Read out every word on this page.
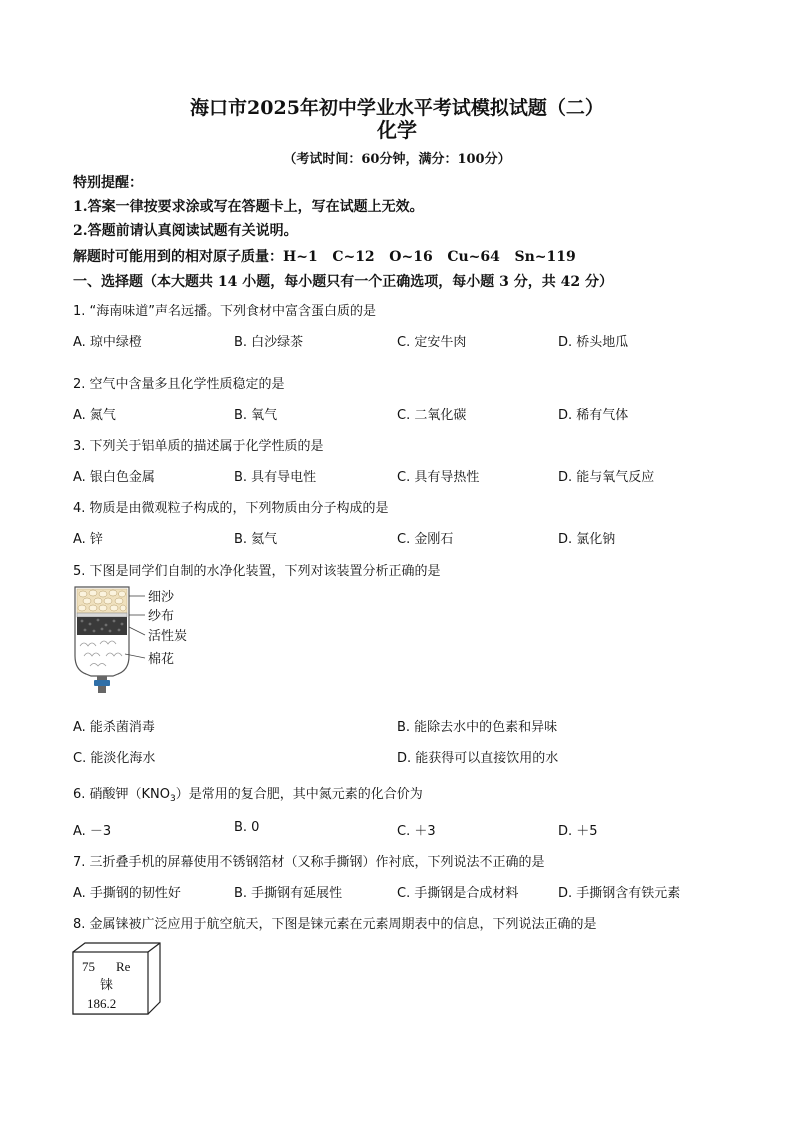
海口市2025年初中学业水平考试模拟试题（二）
化学
（考试时间：60分钟，满分：100分）
特别提醒：
1.答案一律按要求涂或写在答题卡上，写在试题上无效。
2.答题前请认真阅读试题有关说明。
解题时可能用到的相对原子质量：H~1   C~12   O~16   Cu~64   Sn~119
一、选择题（本大题共 14 小题，每小题只有一个正确选项，每小题 3 分，共 42 分）
1. “海南味道”声名远播。下列食材中富含蛋白质的是
A. 琼中绿橙	B. 白沙绿茶	C. 定安牛肉	D. 桥头地瓜
2. 空气中含量多且化学性质稳定的是
A. 氮气	B. 氧气	C. 二氧化碳	D. 稀有气体
3. 下列关于铝单质的描述属于化学性质的是
A. 银白色金属	B. 具有导电性	C. 具有导热性	D. 能与氧气反应
4. 物质是由微观粒子构成的，下列物质由分子构成的是
A. 锌	B. 氦气	C. 金刚石	D. 氯化钠
5. 下图是同学们自制的水净化装置，下列对该装置分析正确的是
细沙
纱布
活性炭
棉花
A. 能杀菌消毒	B. 能除去水中的色素和异味
C. 能淡化海水	D. 能获得可以直接饮用的水
6. 硝酸钾$(KNO_3)$是常用的复合肥，其中氮元素的化合价为
A. －3	B. 0	C. ＋3	D. ＋5
7. 三折叠手机的屏幕使用不锈钢箔材（又称手撕钢）作衬底，下列说法不正确的是
A. 手撕钢的韧性好	B. 手撕钢有延展性	C. 手撕钢是合成材料	D. 手撕钢含有铁元素
8. 金属铼被广泛应用于航空航天，下图是铼元素在元素周期表中的信息，下列说法正确的是
75 Re
铼
186.2
